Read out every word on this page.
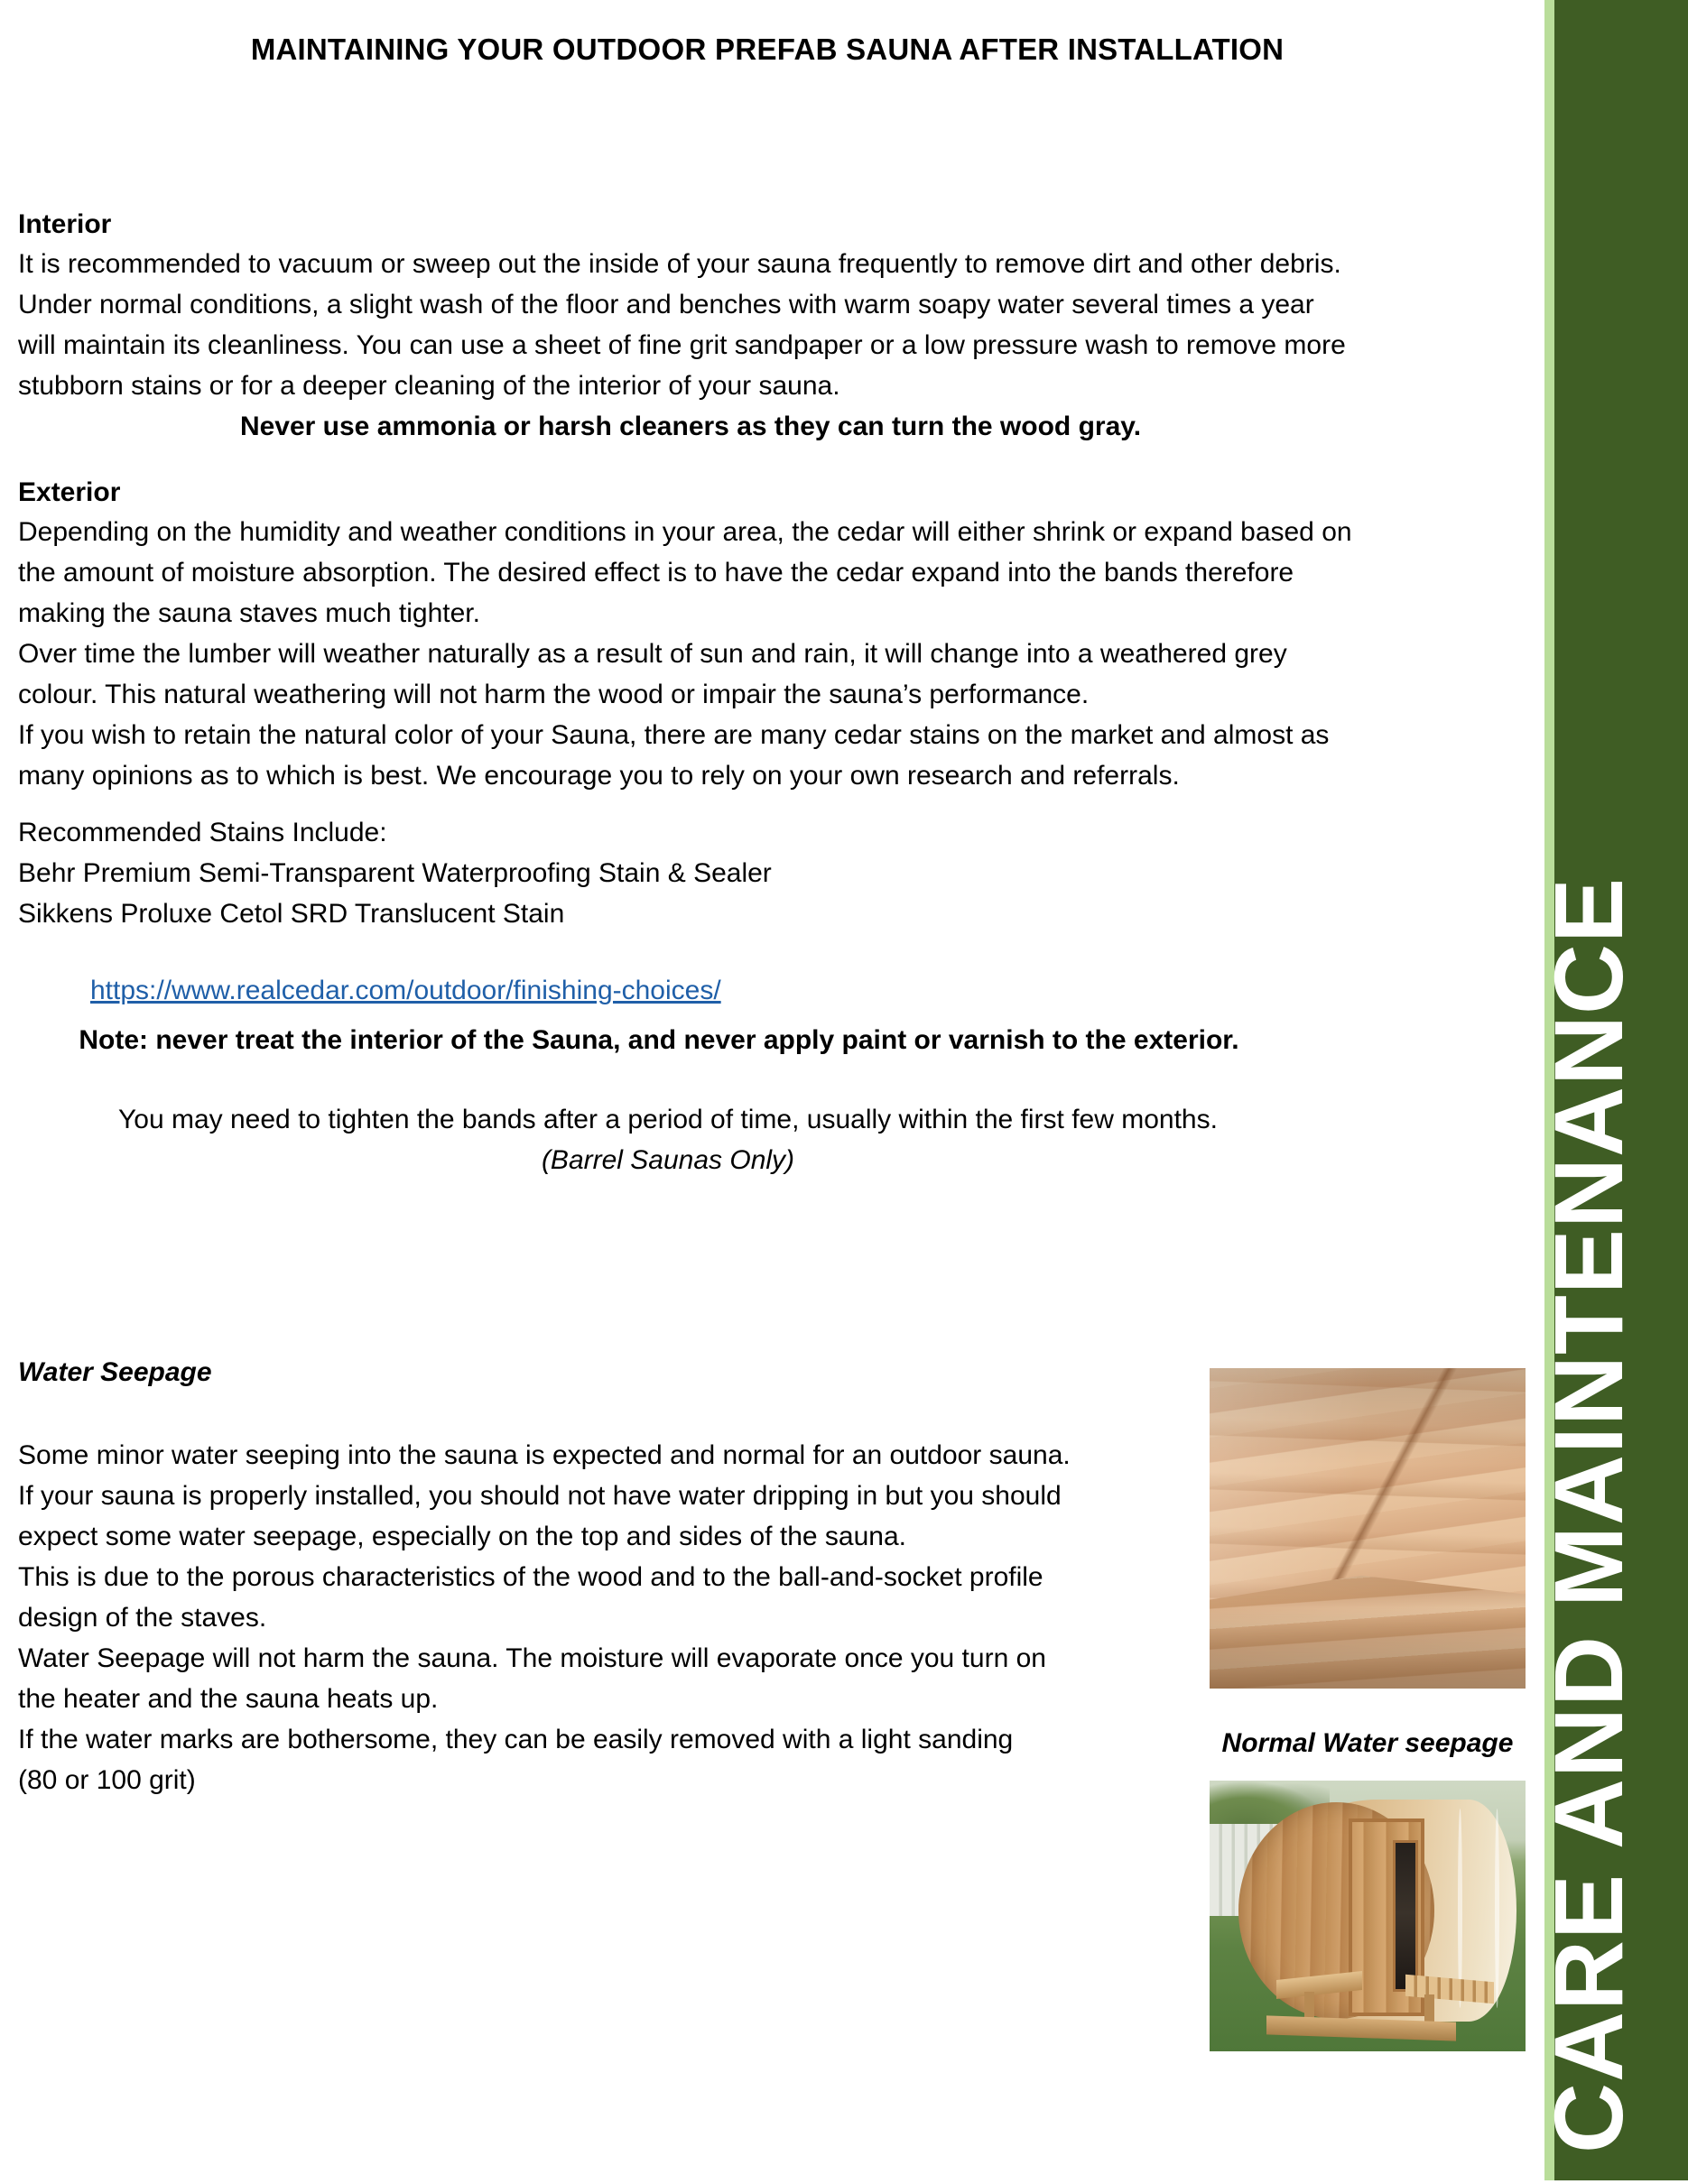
MAINTAINING YOUR OUTDOOR PREFAB SAUNA AFTER INSTALLATION
Interior
It is recommended to vacuum or sweep out the inside of your sauna frequently to remove dirt and other debris.
Under normal conditions, a slight wash of the floor and benches with warm soapy water several times a year
will maintain its cleanliness. You can use a sheet of fine grit sandpaper or a low pressure wash to remove more
stubborn stains or for a deeper cleaning of the interior of your sauna.
Never use ammonia or harsh cleaners as they can turn the wood gray.
Exterior
Depending on the humidity and weather conditions in your area, the cedar will either shrink or expand based on the amount of moisture absorption. The desired effect is to have the cedar expand into the bands therefore making the sauna staves much tighter.
Over time the lumber will weather naturally as a result of sun and rain, it will change into a weathered grey colour. This natural weathering will not harm the wood or impair the sauna’s performance.
If you wish to retain the natural color of your Sauna, there are many cedar stains on the market and almost as many opinions as to which is best. We encourage you to rely on your own research and referrals.
Recommended Stains Include:
Behr Premium Semi-Transparent Waterproofing Stain & Sealer
Sikkens Proluxe Cetol SRD Translucent Stain
https://www.realcedar.com/outdoor/finishing-choices/
Note: never treat the interior of the Sauna, and never apply paint or varnish to the exterior.
You may need to tighten the bands after a period of time, usually within the first few months.
(Barrel Saunas Only)
Water Seepage
Some minor water seeping into the sauna is expected and normal for an outdoor sauna.
If your sauna is properly installed, you should not have water dripping in but you should
expect some water seepage, especially on the top and sides of the sauna.
This is due to the porous characteristics of the wood and to the ball-and-socket profile
design of the staves.
Water Seepage will not harm the sauna. The moisture will evaporate once you turn on
the heater and the sauna heats up.
If the water marks are bothersome, they can be easily removed with a light sanding
(80 or 100 grit)
Normal Water seepage CARE AND MAINTENANCE
